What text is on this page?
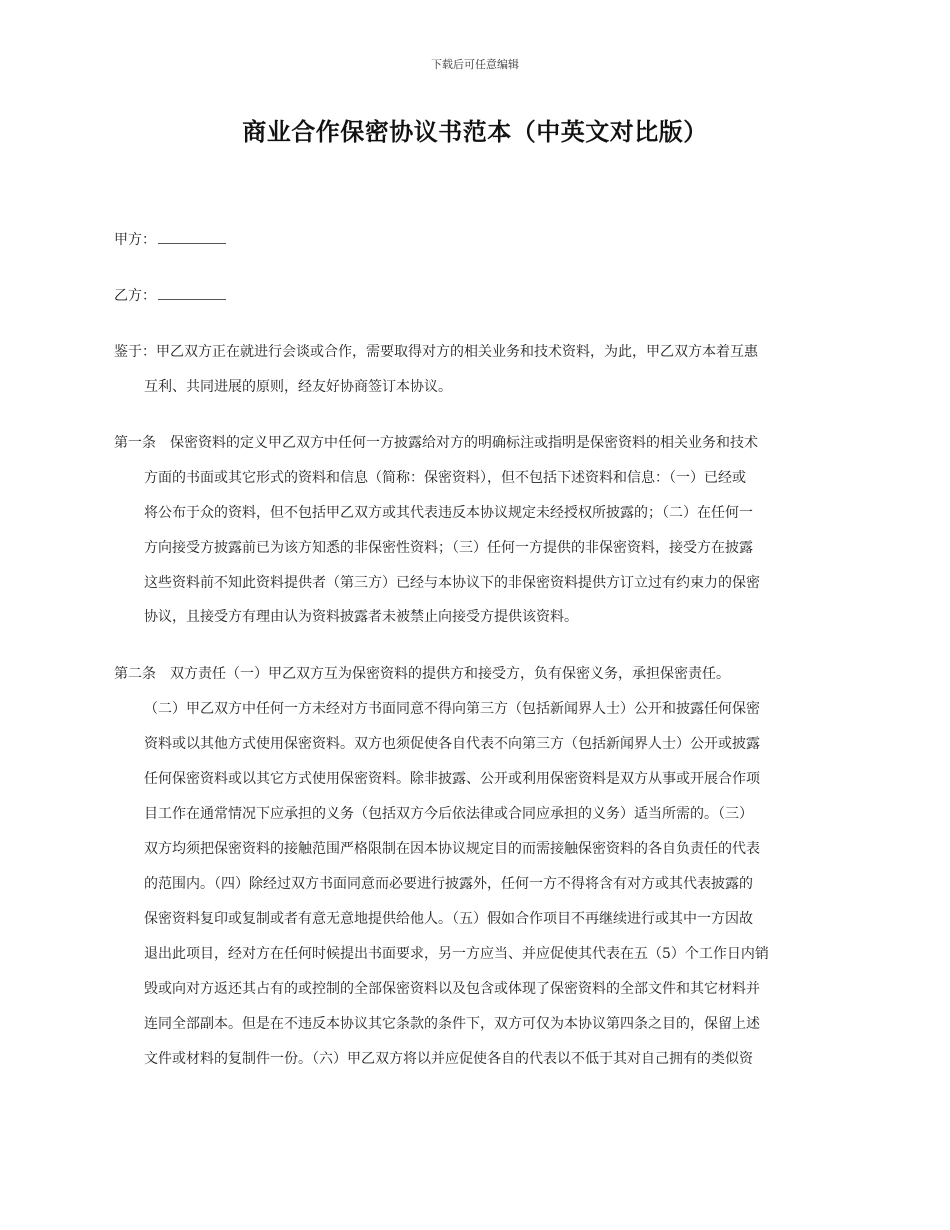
下载后可任意编辑
商业合作保密协议书范本（中英文对比版）
甲方：
乙方：
鉴于：甲乙双方正在就进行会谈或合作，需要取得对方的相关业务和技术资料，为此，甲乙双方本着互惠
互利、共同进展的原则，经友好协商签订本协议。
第一条 保密资料的定义甲乙双方中任何一方披露给对方的明确标注或指明是保密资料的相关业务和技术
方面的书面或其它形式的资料和信息（简称：保密资料），但不包括下述资料和信息：（一）已经或
将公布于众的资料，但不包括甲乙双方或其代表违反本协议规定未经授权所披露的；（二）在任何一
方向接受方披露前已为该方知悉的非保密性资料；（三）任何一方提供的非保密资料，接受方在披露
这些资料前不知此资料提供者（第三方）已经与本协议下的非保密资料提供方订立过有约束力的保密
协议，且接受方有理由认为资料披露者未被禁止向接受方提供该资料。
第二条 双方责任（一）甲乙双方互为保密资料的提供方和接受方，负有保密义务，承担保密责任。
（二）甲乙双方中任何一方未经对方书面同意不得向第三方（包括新闻界人士）公开和披露任何保密
资料或以其他方式使用保密资料。双方也须促使各自代表不向第三方（包括新闻界人士）公开或披露
任何保密资料或以其它方式使用保密资料。除非披露、公开或利用保密资料是双方从事或开展合作项
目工作在通常情况下应承担的义务（包括双方今后依法律或合同应承担的义务）适当所需的。（三）
双方均须把保密资料的接触范围严格限制在因本协议规定目的而需接触保密资料的各自负责任的代表
的范围内。（四）除经过双方书面同意而必要进行披露外，任何一方不得将含有对方或其代表披露的
保密资料复印或复制或者有意无意地提供给他人。（五）假如合作项目不再继续进行或其中一方因故
退出此项目，经对方在任何时候提出书面要求，另一方应当、并应促使其代表在五（5）个工作日内销
毁或向对方返还其占有的或控制的全部保密资料以及包含或体现了保密资料的全部文件和其它材料并
连同全部副本。但是在不违反本协议其它条款的条件下，双方可仅为本协议第四条之目的，保留上述
文件或材料的复制件一份。（六）甲乙双方将以并应促使各自的代表以不低于其对自己拥有的类似资
